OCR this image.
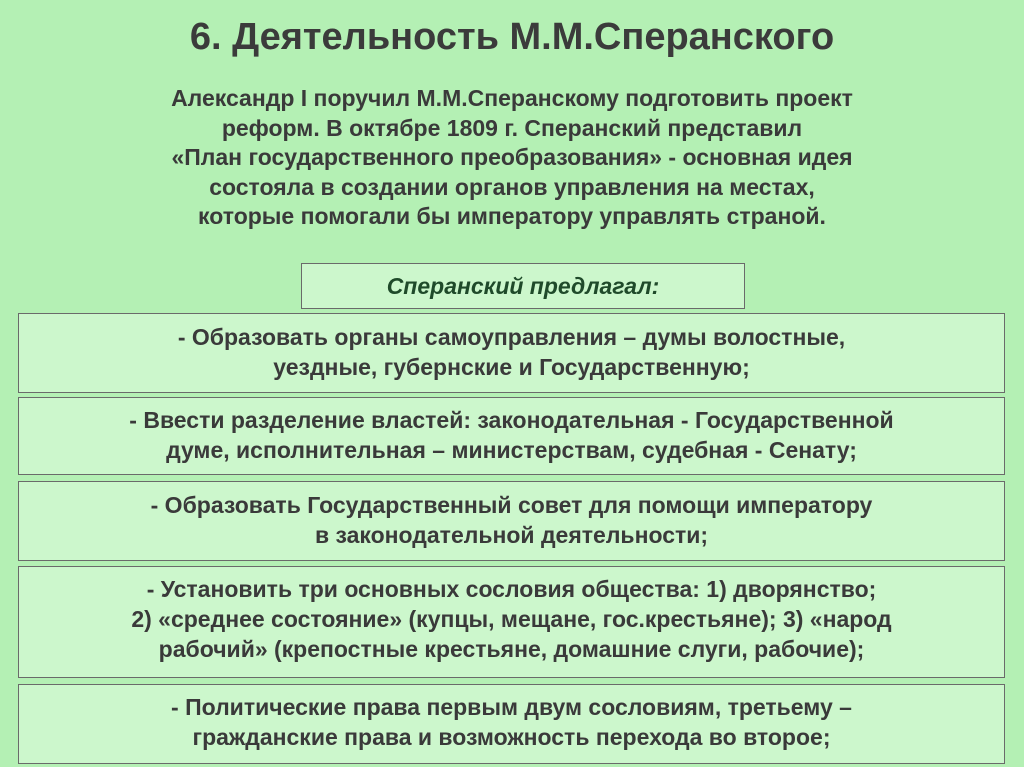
6. Деятельность М.М.Сперанского
Александр I поручил М.М.Сперанскому подготовить проект
реформ. В октябре 1809 г. Сперанский представил
«План государственного преобразования» - основная идея
состояла в создании органов управления на местах,
которые помогали бы императору управлять страной.
Сперанский предлагал:
- Образовать органы самоуправления – думы волостные,
уездные, губернские и Государственную;
- Ввести разделение властей: законодательная - Государственной
думе, исполнительная – министерствам, судебная - Сенату;
- Образовать Государственный совет для помощи императору
в законодательной деятельности;
- Установить три основных сословия общества: 1) дворянство;
2) «среднее состояние» (купцы, мещане, гос.крестьяне); 3) «народ
рабочий» (крепостные крестьяне, домашние слуги, рабочие);
- Политические права первым двум сословиям, третьему –
гражданские права и возможность перехода во второе;
